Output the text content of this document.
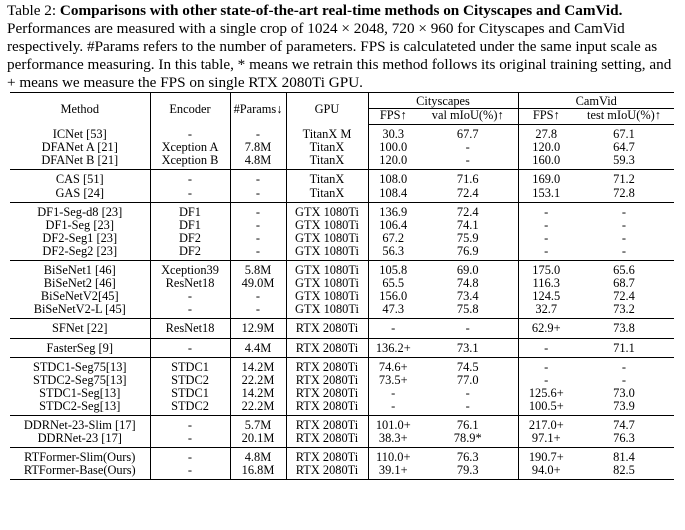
Table 2: Comparisons with other state-of-the-art real-time methods on Cityscapes and CamVid. Performances are measured with a single crop of 1024 × 2048, 720 × 960 for Cityscapes and CamVid respectively. #Params refers to the number of parameters. FPS is calculateted under the same input scale as performance measuring. In this table, * means we retrain this method follows its original training setting, and + means we measure the FPS on single RTX 2080Ti GPU.

Method	Encoder	#Params↓	GPU	Cityscapes		CamVid	
				FPS↑	val mIoU(%)↑	FPS↑	test mIoU(%)↑
ICNet [53]	-	-	TitanX M	30.3	67.7	27.8	67.1
DFANet A [21]	Xception A	7.8M	TitanX	100.0	-	120.0	64.7
DFANet B [21]	Xception B	4.8M	TitanX	120.0	-	160.0	59.3
CAS [51]	-	-	TitanX	108.0	71.6	169.0	71.2
GAS [24]	-	-	TitanX	108.4	72.4	153.1	72.8
DF1-Seg-d8 [23]	DF1	-	GTX 1080Ti	136.9	72.4	-	-
DF1-Seg [23]	DF1	-	GTX 1080Ti	106.4	74.1	-	-
DF2-Seg1 [23]	DF2	-	GTX 1080Ti	67.2	75.9	-	-
DF2-Seg2 [23]	DF2	-	GTX 1080Ti	56.3	76.9	-	-
BiSeNet1 [46]	Xception39	5.8M	GTX 1080Ti	105.8	69.0	175.0	65.6
BiSeNet2 [46]	ResNet18	49.0M	GTX 1080Ti	65.5	74.8	116.3	68.7
BiSeNetV2[45]	-	-	GTX 1080Ti	156.0	73.4	124.5	72.4
BiSeNetV2-L [45]	-	-	GTX 1080Ti	47.3	75.8	32.7	73.2
SFNet [22]	ResNet18	12.9M	RTX 2080Ti	-	-	62.9+	73.8
FasterSeg [9]	-	4.4M	RTX 2080Ti	136.2+	73.1	-	71.1
STDC1-Seg75[13]	STDC1	14.2M	RTX 2080Ti	74.6+	74.5	-	-
STDC2-Seg75[13]	STDC2	22.2M	RTX 2080Ti	73.5+	77.0	-	-
STDC1-Seg[13]	STDC1	14.2M	RTX 2080Ti	-	-	125.6+	73.0
STDC2-Seg[13]	STDC2	22.2M	RTX 2080Ti	-	-	100.5+	73.9
DDRNet-23-Slim [17]	-	5.7M	RTX 2080Ti	101.0+	76.1	217.0+	74.7
DDRNet-23 [17]	-	20.1M	RTX 2080Ti	38.3+	78.9*	97.1+	76.3
RTFormer-Slim(Ours)	-	4.8M	RTX 2080Ti	110.0+	76.3	190.7+	81.4
RTFormer-Base(Ours)	-	16.8M	RTX 2080Ti	39.1+	79.3	94.0+	82.5
